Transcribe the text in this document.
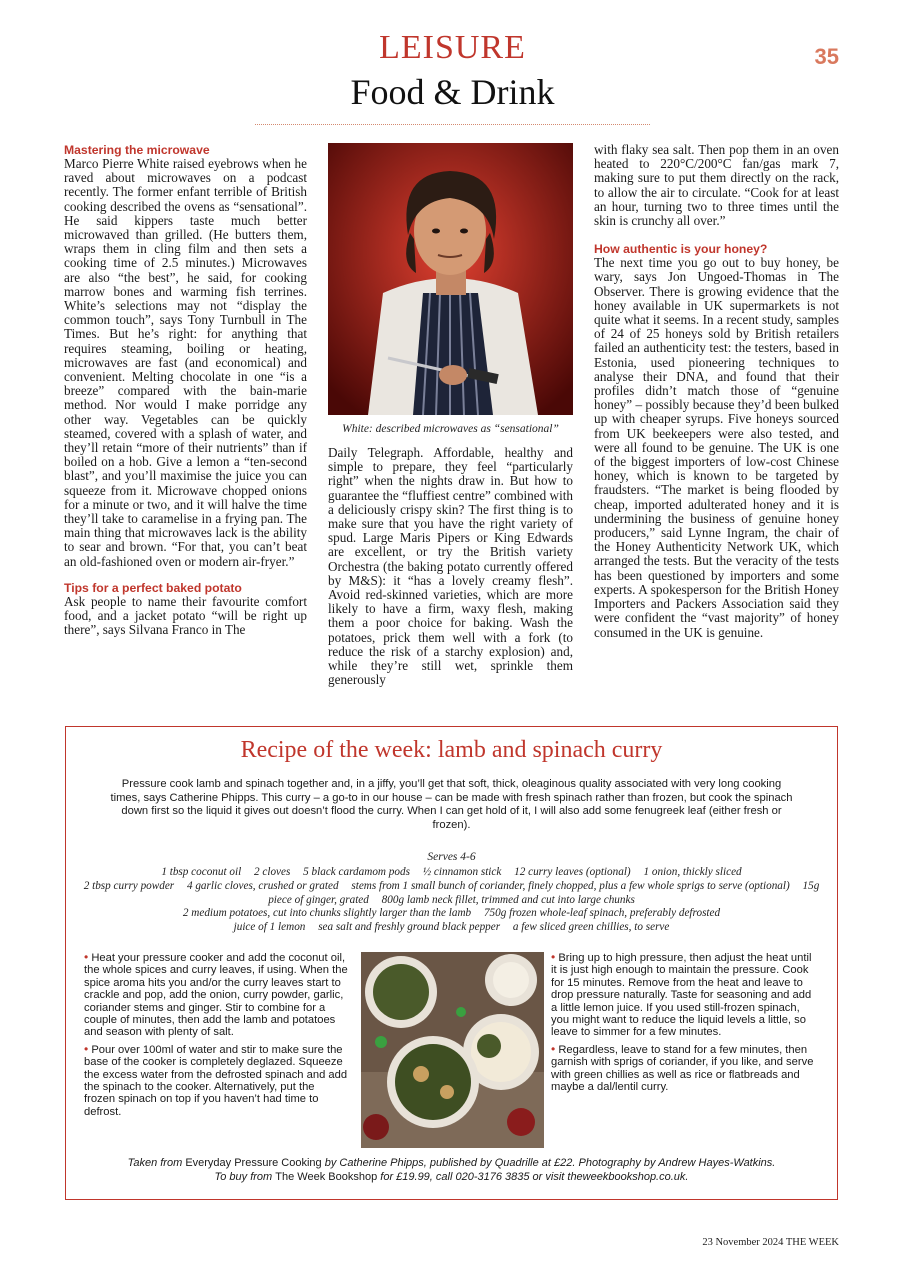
LEISURE
Food & Drink
35
Mastering the microwave

Marco Pierre White raised eyebrows when he raved about microwaves on a podcast recently. The former enfant terrible of British cooking described the ovens as “sensational”. He said kippers taste much better microwaved than grilled. (He butters them, wraps them in cling film and then sets a cooking time of 2.5 minutes.) Microwaves are also “the best”, he said, for cooking marrow bones and warming fish terrines. White’s selections may not “display the common touch”, says Tony Turnbull in The Times. But he’s right: for anything that requires steaming, boiling or heating, microwaves are fast (and economical) and convenient. Melting chocolate in one “is a breeze” compared with the bain-marie method. Nor would I make porridge any other way. Vegetables can be quickly steamed, covered with a splash of water, and they’ll retain “more of their nutrients” than if boiled on a hob. Give a lemon a “ten-second blast”, and you’ll maximise the juice you can squeeze from it. Microwave chopped onions for a minute or two, and it will halve the time they’ll take to caramelise in a frying pan. The main thing that microwaves lack is the ability to sear and brown. “For that, you can’t beat an old-fashioned oven or modern air-fryer.”

Tips for a perfect baked potato

Ask people to name their favourite comfort food, and a jacket potato “will be right up there”, says Silvana Franco in The

White: described microwaves as “sensational”

Daily Telegraph. Affordable, healthy and simple to prepare, they feel “particularly right” when the nights draw in. But how to guarantee the “fluffiest centre” combined with a deliciously crispy skin? The first thing is to make sure that you have the right variety of spud. Large Maris Pipers or King Edwards are excellent, or try the British variety Orchestra (the baking potato currently offered by M&S): it “has a lovely creamy flesh”. Avoid red-skinned varieties, which are more likely to have a firm, waxy flesh, making them a poor choice for baking. Wash the potatoes, prick them well with a fork (to reduce the risk of a starchy explosion) and, while they’re still wet, sprinkle them generously

with flaky sea salt. Then pop them in an oven heated to 220°C/200°C fan/gas mark 7, making sure to put them directly on the rack, to allow the air to circulate. “Cook for at least an hour, turning two to three times until the skin is crunchy all over.”

How authentic is your honey?

The next time you go out to buy honey, be wary, says Jon Ungoed-Thomas in The Observer. There is growing evidence that the honey available in UK supermarkets is not quite what it seems. In a recent study, samples of 24 of 25 honeys sold by British retailers failed an authenticity test: the testers, based in Estonia, used pioneering techniques to analyse their DNA, and found that their profiles didn’t match those of “genuine honey” – possibly because they’d been bulked up with cheaper syrups. Five honeys sourced from UK beekeepers were also tested, and were all found to be genuine. The UK is one of the biggest importers of low-cost Chinese honey, which is known to be targeted by fraudsters. “The market is being flooded by cheap, imported adulterated honey and it is undermining the business of genuine honey producers,” said Lynne Ingram, the chair of the Honey Authenticity Network UK, which arranged the tests. But the veracity of the tests has been questioned by importers and some experts. A spokesperson for the British Honey Importers and Packers Association said they were confident the “vast majority” of honey consumed in the UK is genuine.

Recipe of the week: lamb and spinach curry
Pressure cook lamb and spinach together and, in a jiffy, you’ll get that soft, thick, oleaginous quality associated with very long cooking times, says Catherine Phipps. This curry – a go-to in our house – can be made with fresh spinach rather than frozen, but cook the spinach down first so the liquid it gives out doesn’t flood the curry. When I can get hold of it, I will also add some fenugreek leaf (either fresh or frozen).
Serves 4-6
1 tbsp coconut oil 2 cloves 5 black cardamom pods ½ cinnamon stick 12 curry leaves (optional) 1 onion, thickly sliced
2 tbsp curry powder 4 garlic cloves, crushed or grated stems from 1 small bunch of coriander, finely chopped, plus a few whole sprigs to serve (optional) 15g piece of ginger, grated 800g lamb neck fillet, trimmed and cut into large chunks
2 medium potatoes, cut into chunks slightly larger than the lamb 750g frozen whole-leaf spinach, preferably defrosted
juice of 1 lemon sea salt and freshly ground black pepper a few sliced green chillies, to serve

• Heat your pressure cooker and add the coconut oil, the whole spices and curry leaves, if using. When the spice aroma hits you and/or the curry leaves start to crackle and pop, add the onion, curry powder, garlic, coriander stems and ginger. Stir to combine for a couple of minutes, then add the lamb and potatoes and season with plenty of salt.

• Pour over 100ml of water and stir to make sure the base of the cooker is completely deglazed. Squeeze the excess water from the defrosted spinach and add the spinach to the cooker. Alternatively, put the frozen spinach on top if you haven’t had time to defrost.

• Bring up to high pressure, then adjust the heat until it is just high enough to maintain the pressure. Cook for 15 minutes. Remove from the heat and leave to drop pressure naturally. Taste for seasoning and add a little lemon juice. If you used still-frozen spinach, you might want to reduce the liquid levels a little, so leave to simmer for a few minutes.

• Regardless, leave to stand for a few minutes, then garnish with sprigs of coriander, if you like, and serve with green chillies as well as rice or flatbreads and maybe a dal/lentil curry.

Taken from Everyday Pressure Cooking by Catherine Phipps, published by Quadrille at £22. Photography by Andrew Hayes-Watkins.
To buy from The Week Bookshop for £19.99, call 020-3176 3835 or visit theweekbookshop.co.uk.
23 November 2024 THE WEEK
